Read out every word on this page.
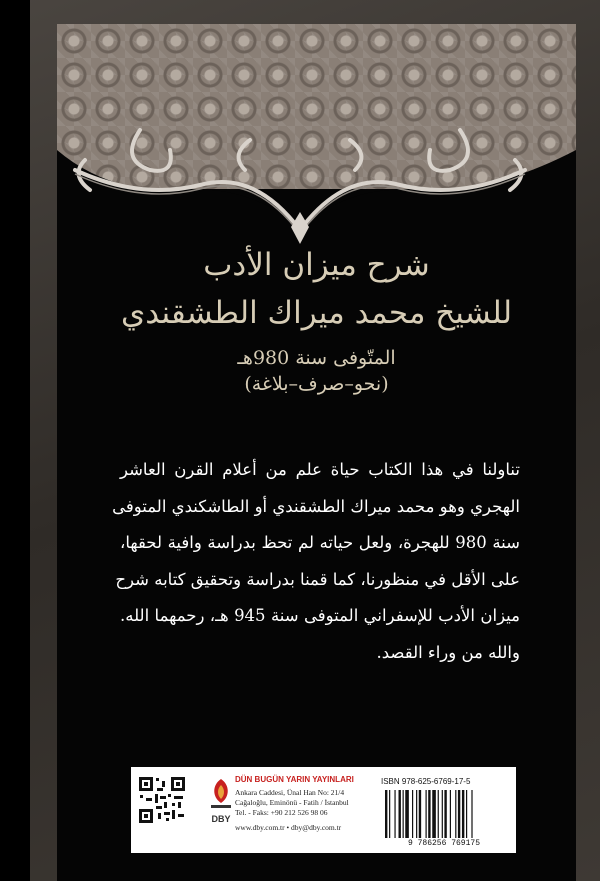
شرح ميزان الأدب
للشيخ محمد ميراك الطشقندي
المتّوفى سنة 980هـ
(نحو–صرف–بلاغة)
تناولنا في هذا الكتاب حياة علم من أعلام القرن العاشر
الهجري وهو محمد ميراك الطشقندي أو الطاشكندي المتوفى
سنة 980 للهجرة، ولعل حياته لم تحظ بدراسة وافية لحقها،
على الأقل في منظورنا، كما قمنا بدراسة وتحقيق كتابه شرح
ميزان الأدب للإسفراني المتوفى سنة 945 هـ، رحمهما الله.
والله من وراء القصد.
DBY
DÜN BUGÜN YARIN YAYINLARI
Ankara Caddesi, Ünal Han No: 21/4
Cağaloğlu, Eminönü - Fatih / İstanbul
Tel. - Faks: +90 212 526 98 06
www.dby.com.tr • dby@dby.com.tr
ISBN 978-625-6769-17-5
9 786256 769175
